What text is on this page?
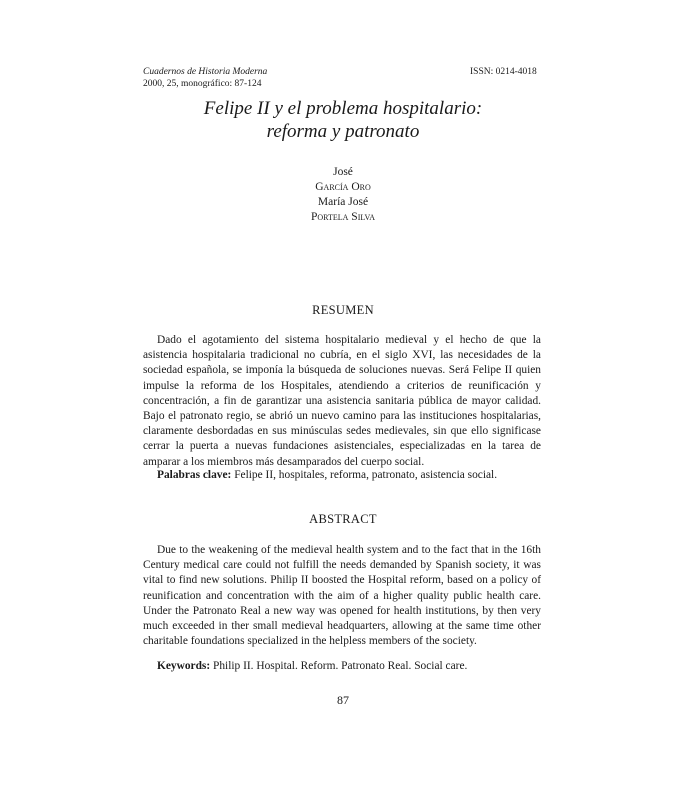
Cuadernos de Historia Moderna
2000, 25, monográfico: 87-124
ISSN: 0214-4018
Felipe II y el problema hospitalario:
reforma y patronato
José
García Oro
María José
Portela Silva
RESUMEN

Dado el agotamiento del sistema hospitalario medieval y el hecho de que la asistencia hospitalaria tradicional no cubría, en el siglo XVI, las necesidades de la sociedad española, se imponía la búsqueda de soluciones nuevas. Será Felipe II quien impulse la reforma de los Hospitales, atendiendo a criterios de reunificación y concentración, a fin de garantizar una asistencia sanitaria pública de mayor calidad. Bajo el patronato regio, se abrió un nuevo camino para las instituciones hospitalarias, claramente desbordadas en sus minúsculas sedes medievales, sin que ello significase cerrar la puerta a nuevas fundaciones asistenciales, especializadas en la tarea de amparar a los miembros más desamparados del cuerpo social.

Palabras clave: Felipe II, hospitales, reforma, patronato, asistencia social.
ABSTRACT

Due to the weakening of the medieval health system and to the fact that in the 16th Century medical care could not fulfill the needs demanded by Spanish society, it was vital to find new solutions. Philip II boosted the Hospital reform, based on a policy of reunification and concentration with the aim of a higher quality public health care. Under the Patronato Real a new way was opened for health institutions, by then very much exceeded in ther small medieval headquarters, allowing at the same time other charitable foundations specialized in the helpless members of the society.

Keywords: Philip II. Hospital. Reform. Patronato Real. Social care.
87
